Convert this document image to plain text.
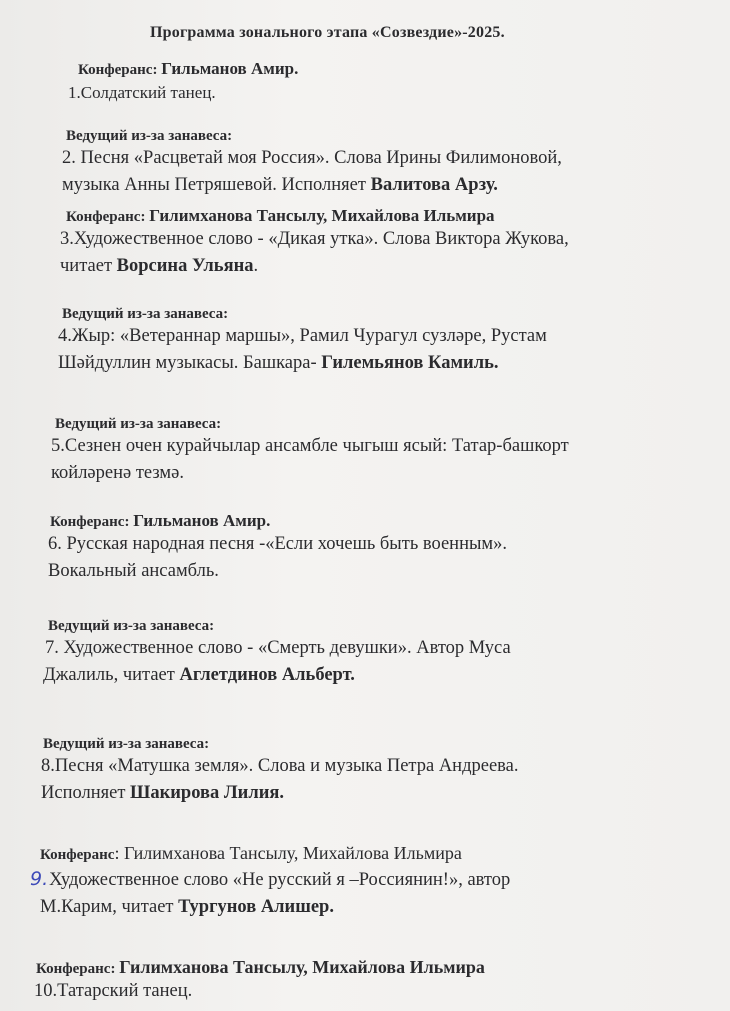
Программа зонального этапа «Созвездие»-2025.
Конферанс: Гильманов Амир.
1.Солдатский танец.
Ведущий из-за занавеса:
2. Песня «Расцветай моя Россия». Слова Ирины Филимоновой,
музыка Анны Петряшевой. Исполняет Валитова Арзу.
Конферанс: Гилимханова Тансылу, Михайлова Ильмира
3.Художественное слово - «Дикая утка». Слова Виктора Жукова,
читает Ворсина Ульяна.
Ведущий из-за занавеса:
4.Жыр: «Ветераннар маршы», Рамил Чурагул сузләре, Рустам
Шәйдуллин музыкасы. Башкара- Гилемьянов Камиль.
Ведущий из-за занавеса:
5.Сезнен очен курайчылар ансамбле чыгыш ясый: Татар-башкорт
койләренә тезмә.
Конферанс: Гильманов Амир.
6. Русская народная песня -«Если хочешь быть военным».
Вокальный ансамбль.
Ведущий из-за занавеса:
7. Художественное слово - «Смерть девушки». Автор Муса
Джалиль, читает Аглетдинов Альберт.
Ведущий из-за занавеса:
8.Песня «Матушка земля». Слова и музыка Петра Андреева.
Исполняет Шакирова Лилия.
Конферанс: Гилимханова Тансылу, Михайлова Ильмира
9.Художественное слово «Не русский я –Россиянин!», автор
М.Карим, читает Тургунов Алишер.
Конферанс: Гилимханова Тансылу, Михайлова Ильмира
10.Татарский танец.
